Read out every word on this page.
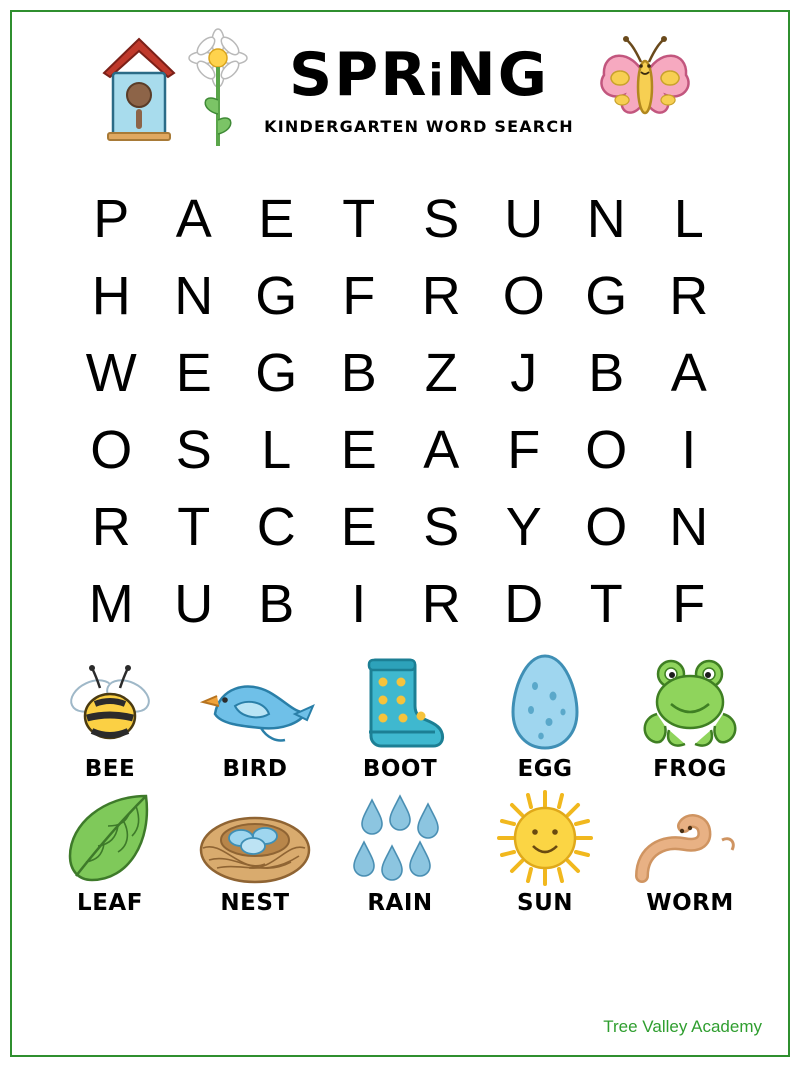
SPRiNG
KINDERGARTEN WORD SEARCH
P	A	E	T	S	U	N	L
H	N	G	F	R	O	G	R
W	E	G	B	Z	J	B	A
O	S	L	E	A	F	O	I
R	T	C	E	S	Y	O	N
M	U	B	I	R	D	T	F
BEE	BIRD	BOOT	EGG	FROG
LEAF	NEST	RAIN	SUN	WORM
Tree Valley Academy
